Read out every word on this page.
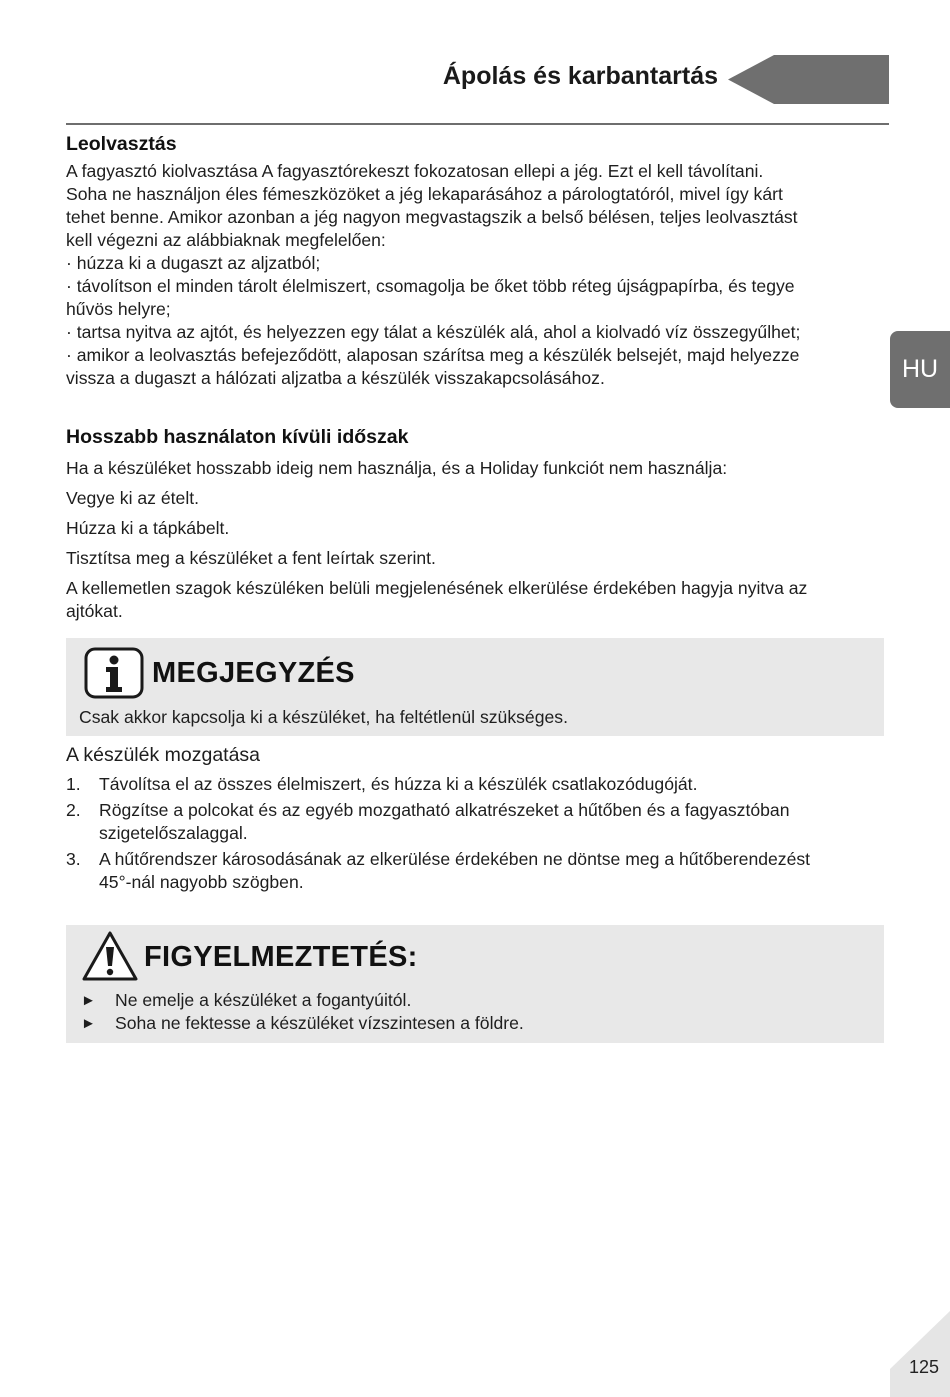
Ápolás és karbantartás
HU
Leolvasztás
A fagyasztó kiolvasztása A fagyasztórekeszt fokozatosan ellepi a jég. Ezt el kell távolítani.
Soha ne használjon éles fémeszközöket a jég lekaparásához a párologtatóról, mivel így kárt
tehet benne. Amikor azonban a jég nagyon megvastagszik a belső bélésen, teljes leolvasztást
kell végezni az alábbiaknak megfelelően:
· húzza ki a dugaszt az aljzatból;
· távolítson el minden tárolt élelmiszert, csomagolja be őket több réteg újságpapírba, és tegye
hűvös helyre;
· tartsa nyitva az ajtót, és helyezzen egy tálat a készülék alá, ahol a kiolvadó víz összegyűlhet;
· amikor a leolvasztás befejeződött, alaposan szárítsa meg a készülék belsejét, majd helyezze
vissza a dugaszt a hálózati aljzatba a készülék visszakapcsolásához.
Hosszabb használaton kívüli időszak
Ha a készüléket hosszabb ideig nem használja, és a Holiday funkciót nem használja:
Vegye ki az ételt.
Húzza ki a tápkábelt.
Tisztítsa meg a készüléket a fent leírtak szerint.
A kellemetlen szagok készüléken belüli megjelenésének elkerülése érdekében hagyja nyitva az
ajtókat.
MEGJEGYZÉS
Csak akkor kapcsolja ki a készüléket, ha feltétlenül szükséges.
A készülék mozgatása
1.	Távolítsa el az összes élelmiszert, és húzza ki a készülék csatlakozódugóját.
2.	Rögzítse a polcokat és az egyéb mozgatható alkatrészeket a hűtőben és a fagyasztóban
szigetelőszalaggal.
3.	A hűtőrendszer károsodásának az elkerülése érdekében ne döntse meg a hűtőberendezést
45°-nál nagyobb szögben.
FIGYELMEZTETÉS:
►	Ne emelje a készüléket a fogantyúitól.
►	Soha ne fektesse a készüléket vízszintesen a földre.
125
